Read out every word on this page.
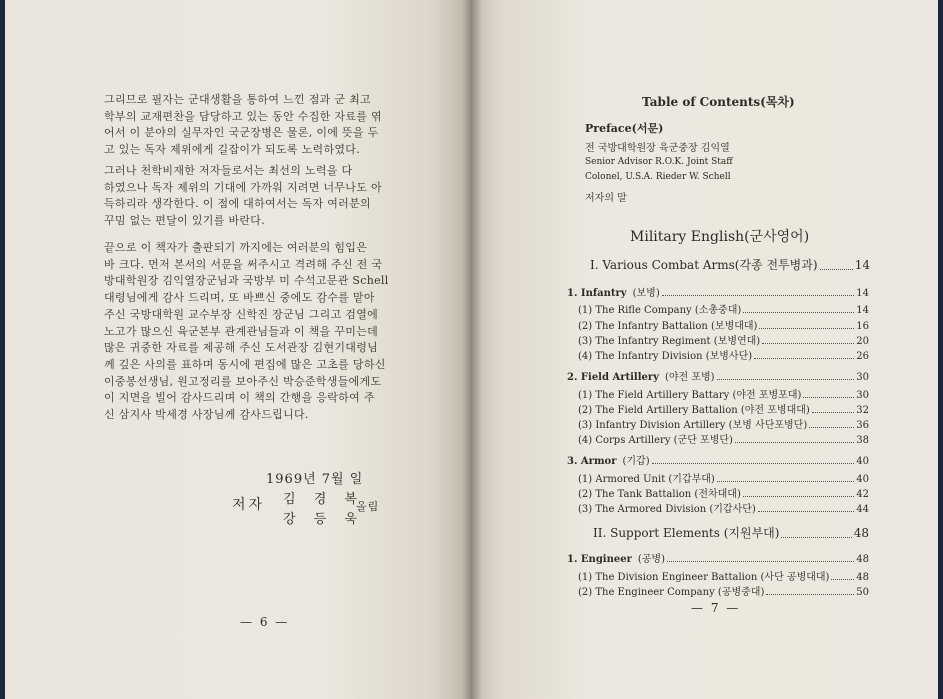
그리므로 필자는 군대생활을 통하여 느낀 점과 군 최고
학부의 교재편찬을 담당하고 있는 동안 수집한 자료를 엮
어서 이 분야의 실무자인 국군장병은 물론, 이에 뜻을 두
고 있는 독자 제위에게 길잡이가 되도록 노력하였다.

그러나 천학비재한 저자들로서는 최선의 노력을 다
하였으나 독자 제위의 기대에 가까워 지려면 너무나도 아
득하리라 생각한다. 이 점에 대하여서는 독자 여러분의
꾸밈 없는 편달이 있기를 바란다.

끝으로 이 책자가 출판되기 까지에는 여러분의 힘입은
바 크다. 먼저 본서의 서문을 써주시고 격려해 주신 전 국
방대학원장 김익열장군님과 국방부 미 수석고문관 Schell
대령님에게 감사 드리며, 또 바쁘신 중에도 감수를 맡아
주신 국방대학원 교수부장 신학진 장군님 그리고 검열에
노고가 많으신 육군본부 관계관님들과 이 책을 꾸미는데
많은 귀중한 자료를 제공해 주신 도서관장 김현기대령님
께 깊은 사의를 표하며 동시에 편집에 많은 고초를 당하신
이중봉선생님, 원고정리를 보아주신 박승준학생들에게도
이 지면을 빌어 감사드리며 이 책의 간행을 응락하여 주
신 삼지사 박세경 사장님께 감사드립니다.

1969년 7월 일
저자 김 경 복
강 등 욱
올림
— 6 —
Table of Contents(목차)
Preface(서문)
전 국방대학원장 육군중장 김익열
Senior Advisor R.O.K. Joint Staff
Colonel, U.S.A. Rieder W. Schell
저자의 말
Military English(군사영어)
I. Various Combat Arms(각종 전투병과)	14
1. Infantry (보병)	14
(1) The Rifle Company (소총중대)	14
(2) The Infantry Battalion (보병대대)	16
(3) The Infantry Regiment (보병연대)	20
(4) The Infantry Division (보병사단)	26
2. Field Artillery (야전 포병)	30
(1) The Field Artillery Battary (야전 포병포대)	30
(2) The Field Artillery Battalion (야전 포병대대)	32
(3) Infantry Division Artillery (보병 사단포병단)	36
(4) Corps Artillery (군단 포병단)	38
3. Armor (기갑)	40
(1) Armored Unit (기갑부대)	40
(2) The Tank Battalion (전차대대)	42
(3) The Armored Division (기갑사단)	44
II. Support Elements (지원부대)	48
1. Engineer (공병)	48
(1) The Division Engineer Battalion (사단 공병대대)	48
(2) The Engineer Company (공병중대)	50
— 7 —
